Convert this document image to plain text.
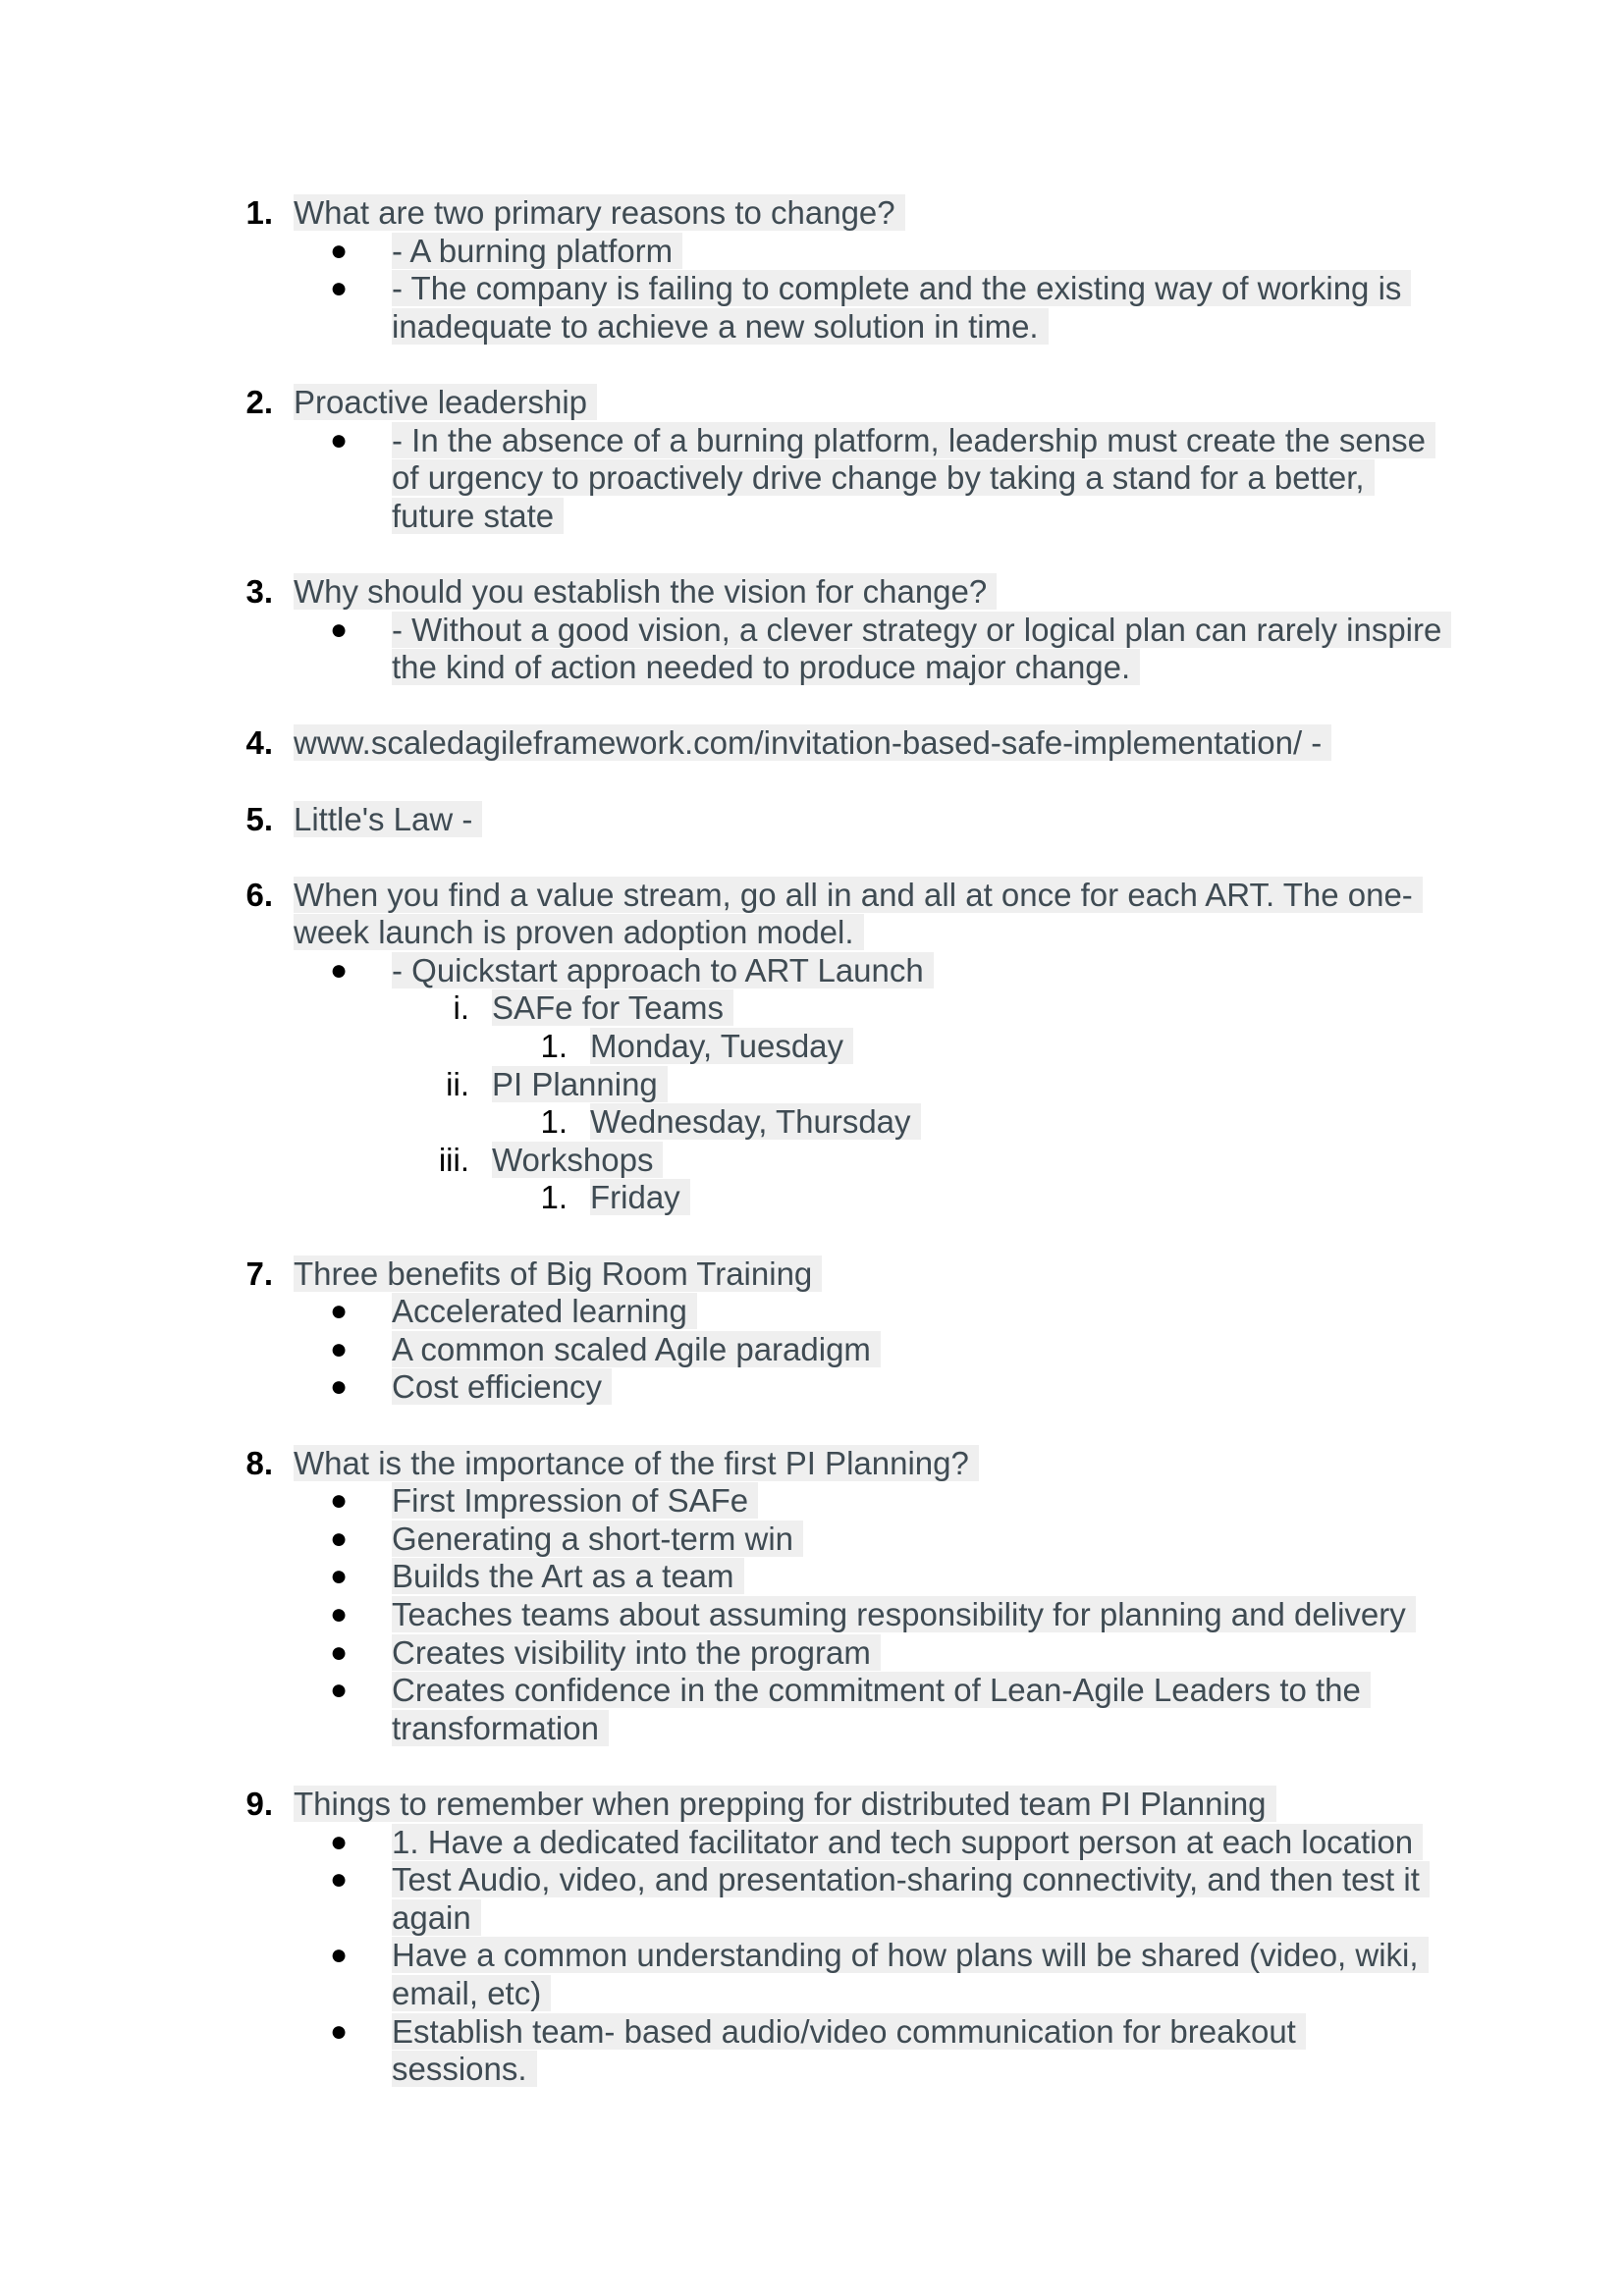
1. What are two primary reasons to change?
● - A burning platform
● - The company is failing to complete and the existing way of working is inadequate to achieve a new solution in time.
2. Proactive leadership
● - In the absence of a burning platform, leadership must create the sense of urgency to proactively drive change by taking a stand for a better, future state
3. Why should you establish the vision for change?
● - Without a good vision, a clever strategy or logical plan can rarely inspire the kind of action needed to produce major change.
4. www.scaledagileframework.com/invitation-based-safe-implementation/ -
5. Little's Law -
6. When you find a value stream, go all in and all at once for each ART. The one-week launch is proven adoption model.
● - Quickstart approach to ART Launch
i. SAFe for Teams
1. Monday, Tuesday
ii. PI Planning
1. Wednesday, Thursday
iii. Workshops
1. Friday
7. Three benefits of Big Room Training
● Accelerated learning
● A common scaled Agile paradigm
● Cost efficiency
8. What is the importance of the first PI Planning?
● First Impression of SAFe
● Generating a short-term win
● Builds the Art as a team
● Teaches teams about assuming responsibility for planning and delivery
● Creates visibility into the program
● Creates confidence in the commitment of Lean-Agile Leaders to the transformation
9. Things to remember when prepping for distributed team PI Planning
● 1. Have a dedicated facilitator and tech support person at each location
● Test Audio, video, and presentation-sharing connectivity, and then test it again
● Have a common understanding of how plans will be shared (video, wiki, email, etc)
● Establish team- based audio/video communication for breakout sessions.
